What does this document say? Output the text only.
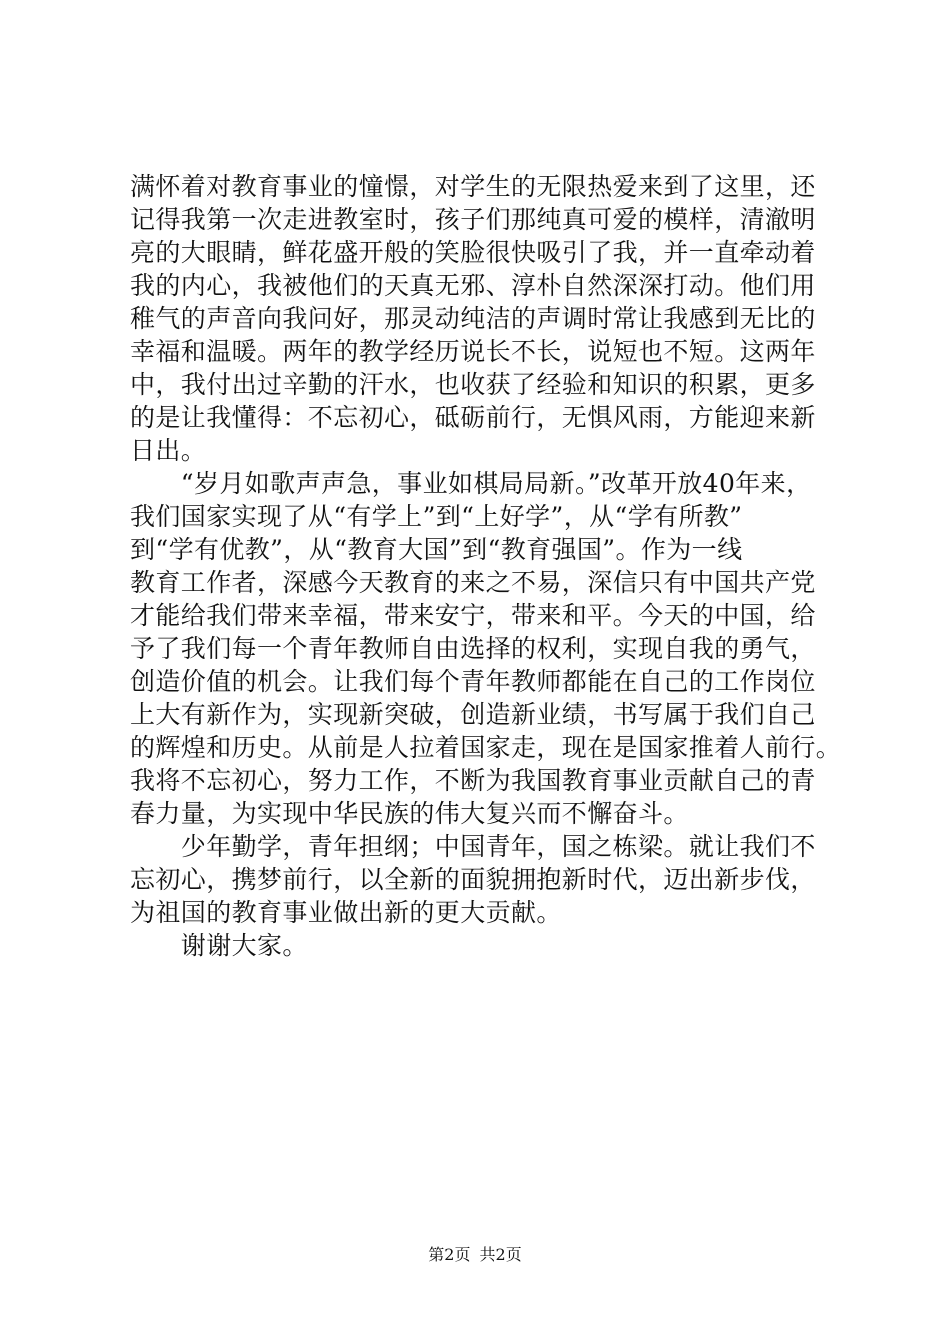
满怀着对教育事业的憧憬，对学生的无限热爱来到了这里，还
记得我第一次走进教室时，孩子们那纯真可爱的模样，清澈明
亮的大眼睛，鲜花盛开般的笑脸很快吸引了我，并一直牵动着
我的内心，我被他们的天真无邪、淳朴自然深深打动。他们用
稚气的声音向我问好，那灵动纯洁的声调时常让我感到无比的
幸福和温暖。两年的教学经历说长不长，说短也不短。这两年
中，我付出过辛勤的汗水，也收获了经验和知识的积累，更多
的是让我懂得：不忘初心，砥砺前行，无惧风雨，方能迎来新
日出。
　　“岁月如歌声声急，事业如棋局局新。”改革开放40年来，
我们国家实现了从“有学上”到“上好学”，从“学有所教”
到“学有优教”，从“教育大国”到“教育强国”。作为一线
教育工作者，深感今天教育的来之不易，深信只有中国共产党
才能给我们带来幸福，带来安宁，带来和平。今天的中国，给
予了我们每一个青年教师自由选择的权利，实现自我的勇气，
创造价值的机会。让我们每个青年教师都能在自己的工作岗位
上大有新作为，实现新突破，创造新业绩，书写属于我们自己
的辉煌和历史。从前是人拉着国家走，现在是国家推着人前行。
我将不忘初心，努力工作，不断为我国教育事业贡献自己的青
春力量，为实现中华民族的伟大复兴而不懈奋斗。
　　少年勤学，青年担纲；中国青年，国之栋梁。就让我们不
忘初心，携梦前行，以全新的面貌拥抱新时代，迈出新步伐，
为祖国的教育事业做出新的更大贡献。
　　谢谢大家。
第2页 共2页
